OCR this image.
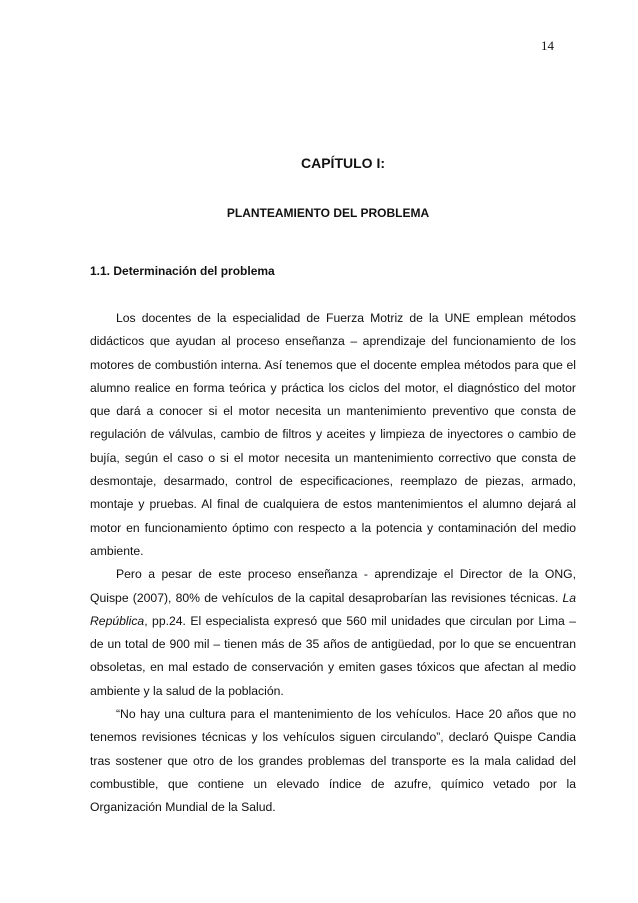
14
CAPÍTULO I:
PLANTEAMIENTO DEL PROBLEMA
1.1. Determinación del problema

Los docentes de la especialidad de Fuerza Motriz de la UNE emplean métodos didácticos que ayudan al proceso enseñanza – aprendizaje del funcionamiento de los motores de combustión interna. Así tenemos que el docente emplea métodos para que el alumno realice en forma teórica y práctica los ciclos del motor, el diagnóstico del motor que dará a conocer si el motor necesita un mantenimiento preventivo que consta de regulación de válvulas, cambio de filtros y aceites y limpieza de inyectores o cambio de bujía, según el caso o si el motor necesita un mantenimiento correctivo que consta de desmontaje, desarmado, control de especificaciones, reemplazo de piezas, armado, montaje y pruebas. Al final de cualquiera de estos mantenimientos el alumno dejará al motor en funcionamiento óptimo con respecto a la potencia y contaminación del medio ambiente.

Pero a pesar de este proceso enseñanza - aprendizaje el Director de la ONG, Quispe (2007), 80% de vehículos de la capital desaprobarían las revisiones técnicas. La República, pp.24. El especialista expresó que 560 mil unidades que circulan por Lima – de un total de 900 mil – tienen más de 35 años de antigüedad, por lo que se encuentran obsoletas, en mal estado de conservación y emiten gases tóxicos que afectan al medio ambiente y la salud de la población.

“No hay una cultura para el mantenimiento de los vehículos. Hace 20 años que no tenemos revisiones técnicas y los vehículos siguen circulando”, declaró Quispe Candia tras sostener que otro de los grandes problemas del transporte es la mala calidad del combustible, que contiene un elevado índice de azufre, químico vetado por la Organización Mundial de la Salud.
